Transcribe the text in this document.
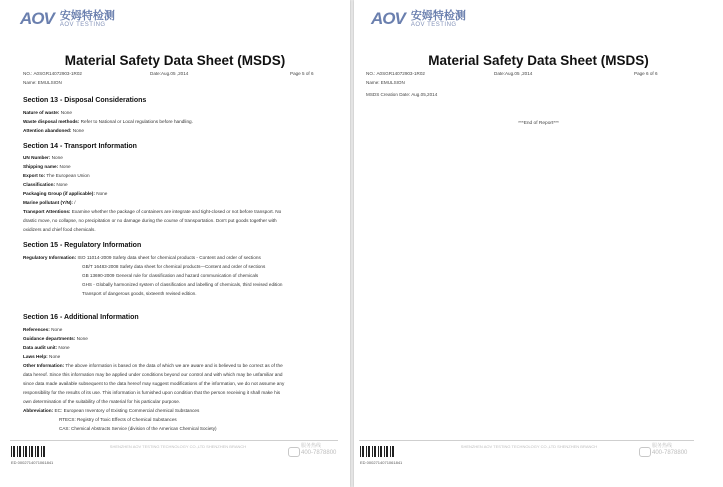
AOV 安姆特检测
AOV TESTING
Material Safety Data Sheet (MSDS)
NO.: A0SGR14072903-1R02	Date:Aug.05 ,2014	Page 5 of 6
Name: EMULSION
Section 13 - Disposal Considerations
Nature of waste: None
Waste disposal methods: Refer to National or Local regulations before handling.
Attention abandoned: None
Section 14 - Transport Information
UN Number: None
Shipping name: None
Export to: The European Union
Classification: None
Packaging Group (if applicable): None
Marine pollutant (Y/N): /
Transport Attentions: Examine whether the package of containers are integrate and tight-closed or not before transport. No
drastic move, no collapse, no precipitation or no damage during the course of transportation. Don't put goods together with
oxidizers and chief food chemicals.
Section 15 - Regulatory Information
Regulatory Information: ISO 11014-2009 Safety data sheet for chemical products - Content and order of sections
GB/T 16483-2008 Safety data sheet for chemical products—Content and order of sections
GB 13690-2009 General rule for classification and hazard communication of chemicals
GHS - Globally harmonized system of classification and labelling of chemicals, third revised edition
Transport of dangerous goods, sixteenth revised edition.
Section 16 - Additional Information
References: None
Guidance departments: None
Data audit unit: None
Laws Help: None
Other Information: The above information is based on the data of which we are aware and is believed to be correct as of the
data hereof. Since this information may be applied under conditions beyond our control and with which may be unfamiliar and
since data made available subsequent to the data hereof may suggest modifications of the information, we do not assume any
responsibility for the results of its use. This information is furnished upon condition that the person receiving it shall make his
own determination of the suitability of the material for his particular purpose.
Abbreviation: EC: European Inventory of Existing Commercial chemical Substances
RTECS: Registry of Toxic Effects of Chemical Substances
CAS: Chemical Abstracts Service (division of the American Chemical Society)
ED 0002714071061841
SHENZHEN AOV TESTING TECHNOLOGY CO.,LTD SHENZHEN BRANCH	服务热线
400-7878800
AOV 安姆特检测
AOV TESTING
Material Safety Data Sheet (MSDS)
NO.: A0SGR14072903-1R02	Date:Aug.05 ,2014	Page 6 of 6
Name: EMULSION
MSDS Creation Date: Aug.05,2014
***End of Report***
ED 0002714071061841
SHENZHEN AOV TESTING TECHNOLOGY CO.,LTD SHENZHEN BRANCH	服务热线
400-7878800
